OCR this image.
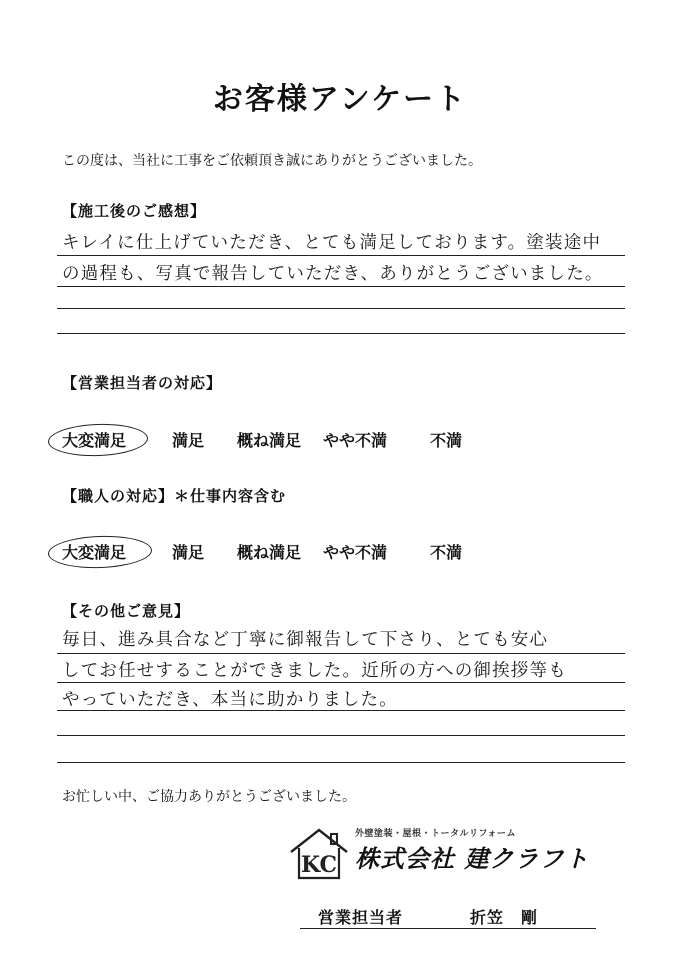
お客様アンケート
この度は、当社に工事をご依頼頂き誠にありがとうございました。
【施工後のご感想】
キレイに仕上げていただき、とても満足しております。塗装途中
の過程も、写真で報告していただき、ありがとうございました。
【営業担当者の対応】
大変満足	満足 概ね満足 やや不満	不満
【職人の対応】＊仕事内容含む
大変満足	満足 概ね満足 やや不満	不満
【その他ご意見】
毎日、進み具合など丁寧に御報告して下さり、とても安心
してお任せすることができました。近所の方への御挨拶等も
やっていただき、本当に助かりました。
お忙しい中、ご協力ありがとうございました。
KC
外壁塗装・屋根・トータルリフォーム
株式会社 建クラフト
営業担当者	折笠　剛
